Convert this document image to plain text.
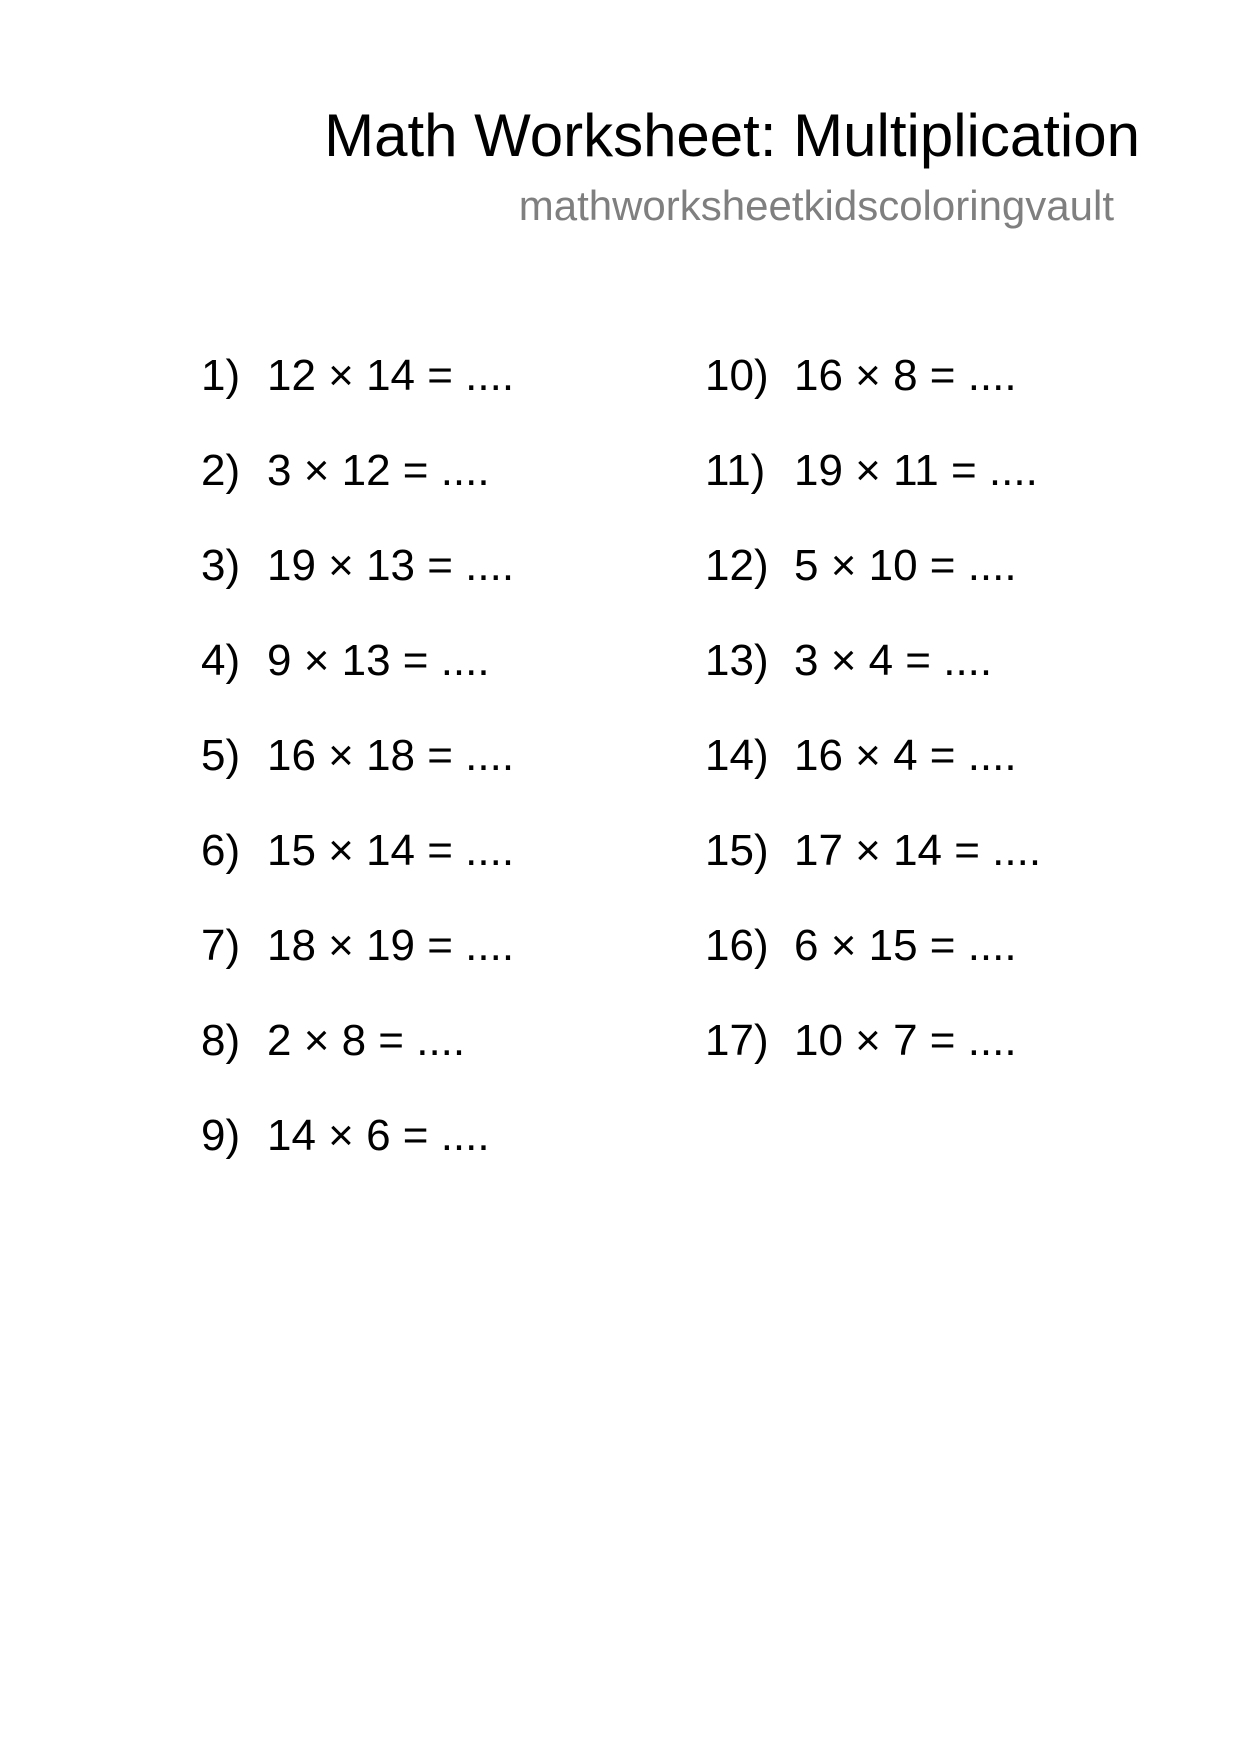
Math Worksheet: Multiplication
mathworksheetkidscoloringvault
1) 12 × 14 = ....
2) 3 × 12 = ....
3) 19 × 13 = ....
4) 9 × 13 = ....
5) 16 × 18 = ....
6) 15 × 14 = ....
7) 18 × 19 = ....
8) 2 × 8 = ....
9) 14 × 6 = ....
10) 16 × 8 = ....
11) 19 × 11 = ....
12) 5 × 10 = ....
13) 3 × 4 = ....
14) 16 × 4 = ....
15) 17 × 14 = ....
16) 6 × 15 = ....
17) 10 × 7 = ....
